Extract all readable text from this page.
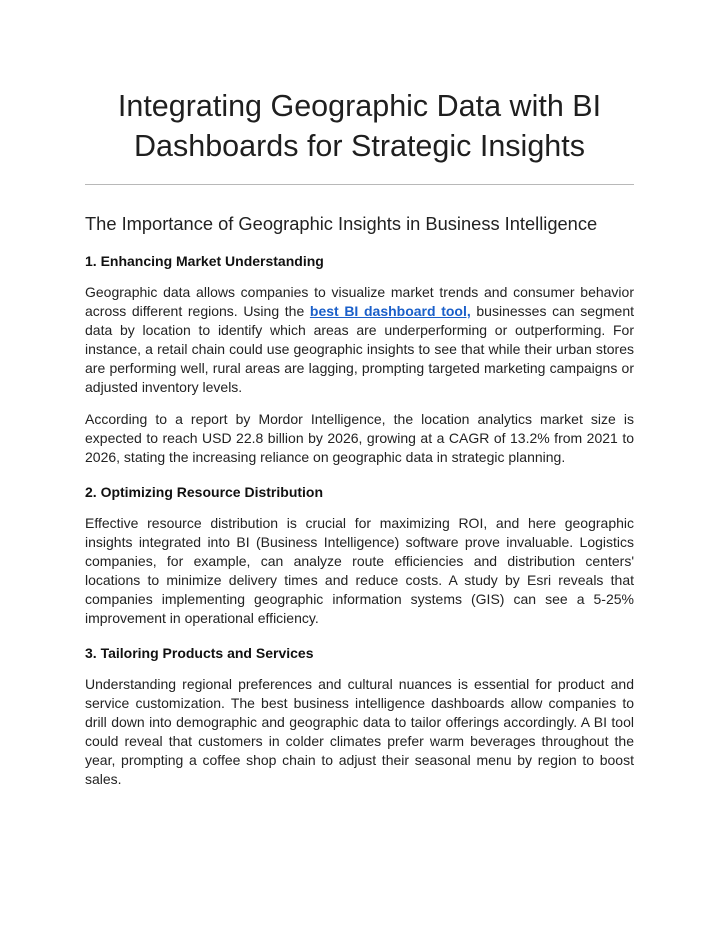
Integrating Geographic Data with BI
Dashboards for Strategic Insights
The Importance of Geographic Insights in Business Intelligence
1. Enhancing Market Understanding

Geographic data allows companies to visualize market trends and consumer behavior across different regions. Using the best BI dashboard tool, businesses can segment data by location to identify which areas are underperforming or outperforming. For instance, a retail chain could use geographic insights to see that while their urban stores are performing well, rural areas are lagging, prompting targeted marketing campaigns or adjusted inventory levels.

According to a report by Mordor Intelligence, the location analytics market size is expected to reach USD 22.8 billion by 2026, growing at a CAGR of 13.2% from 2021 to 2026, stating the increasing reliance on geographic data in strategic planning.

2. Optimizing Resource Distribution

Effective resource distribution is crucial for maximizing ROI, and here geographic insights integrated into BI (Business Intelligence) software prove invaluable. Logistics companies, for example, can analyze route efficiencies and distribution centers' locations to minimize delivery times and reduce costs. A study by Esri reveals that companies implementing geographic information systems (GIS) can see a 5-25% improvement in operational efficiency.

3. Tailoring Products and Services

Understanding regional preferences and cultural nuances is essential for product and service customization. The best business intelligence dashboards allow companies to drill down into demographic and geographic data to tailor offerings accordingly. A BI tool could reveal that customers in colder climates prefer warm beverages throughout the year, prompting a coffee shop chain to adjust their seasonal menu by region to boost sales.
